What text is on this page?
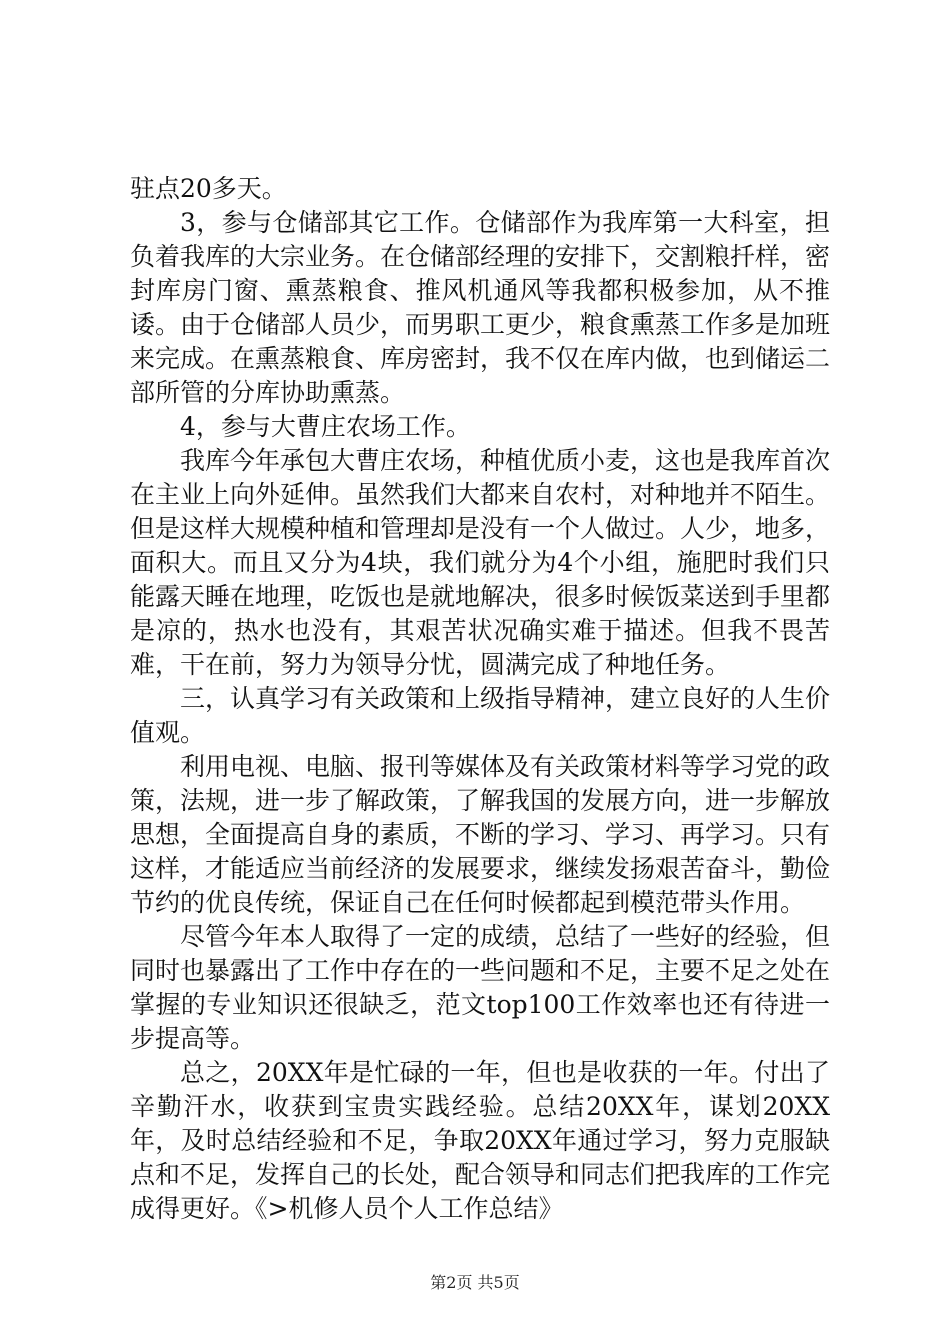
驻点20多天。

3，参与仓储部其它工作。仓储部作为我库第一大科室，担负着我库的大宗业务。在仓储部经理的安排下，交割粮扦样，密封库房门窗、熏蒸粮食、推风机通风等我都积极参加，从不推诿。由于仓储部人员少，而男职工更少，粮食熏蒸工作多是加班来完成。在熏蒸粮食、库房密封，我不仅在库内做，也到储运二部所管的分库协助熏蒸。

4，参与大曹庄农场工作。

我库今年承包大曹庄农场，种植优质小麦，这也是我库首次在主业上向外延伸。虽然我们大都来自农村，对种地并不陌生。但是这样大规模种植和管理却是没有一个人做过。人少，地多，面积大。而且又分为4块，我们就分为4个小组，施肥时我们只能露天睡在地理，吃饭也是就地解决，很多时候饭菜送到手里都是凉的，热水也没有，其艰苦状况确实难于描述。但我不畏苦难，干在前，努力为领导分忧，圆满完成了种地任务。

三，认真学习有关政策和上级指导精神，建立良好的人生价值观。

利用电视、电脑、报刊等媒体及有关政策材料等学习党的政策，法规，进一步了解政策，了解我国的发展方向，进一步解放思想，全面提高自身的素质，不断的学习、学习、再学习。只有这样，才能适应当前经济的发展要求，继续发扬艰苦奋斗，勤俭节约的优良传统，保证自己在任何时候都起到模范带头作用。

尽管今年本人取得了一定的成绩，总结了一些好的经验，但同时也暴露出了工作中存在的一些问题和不足，主要不足之处在掌握的专业知识还很缺乏，范文top100工作效率也还有待进一步提高等。

总之，20XX年是忙碌的一年，但也是收获的一年。付出了辛勤汗水，收获到宝贵实践经验。总结20XX年，谋划20XX年，及时总结经验和不足，争取20XX年通过学习，努力克服缺点和不足，发挥自己的长处，配合领导和同志们把我库的工作完成得更好。《>机修人员个人工作总结》

第2页 共5页
